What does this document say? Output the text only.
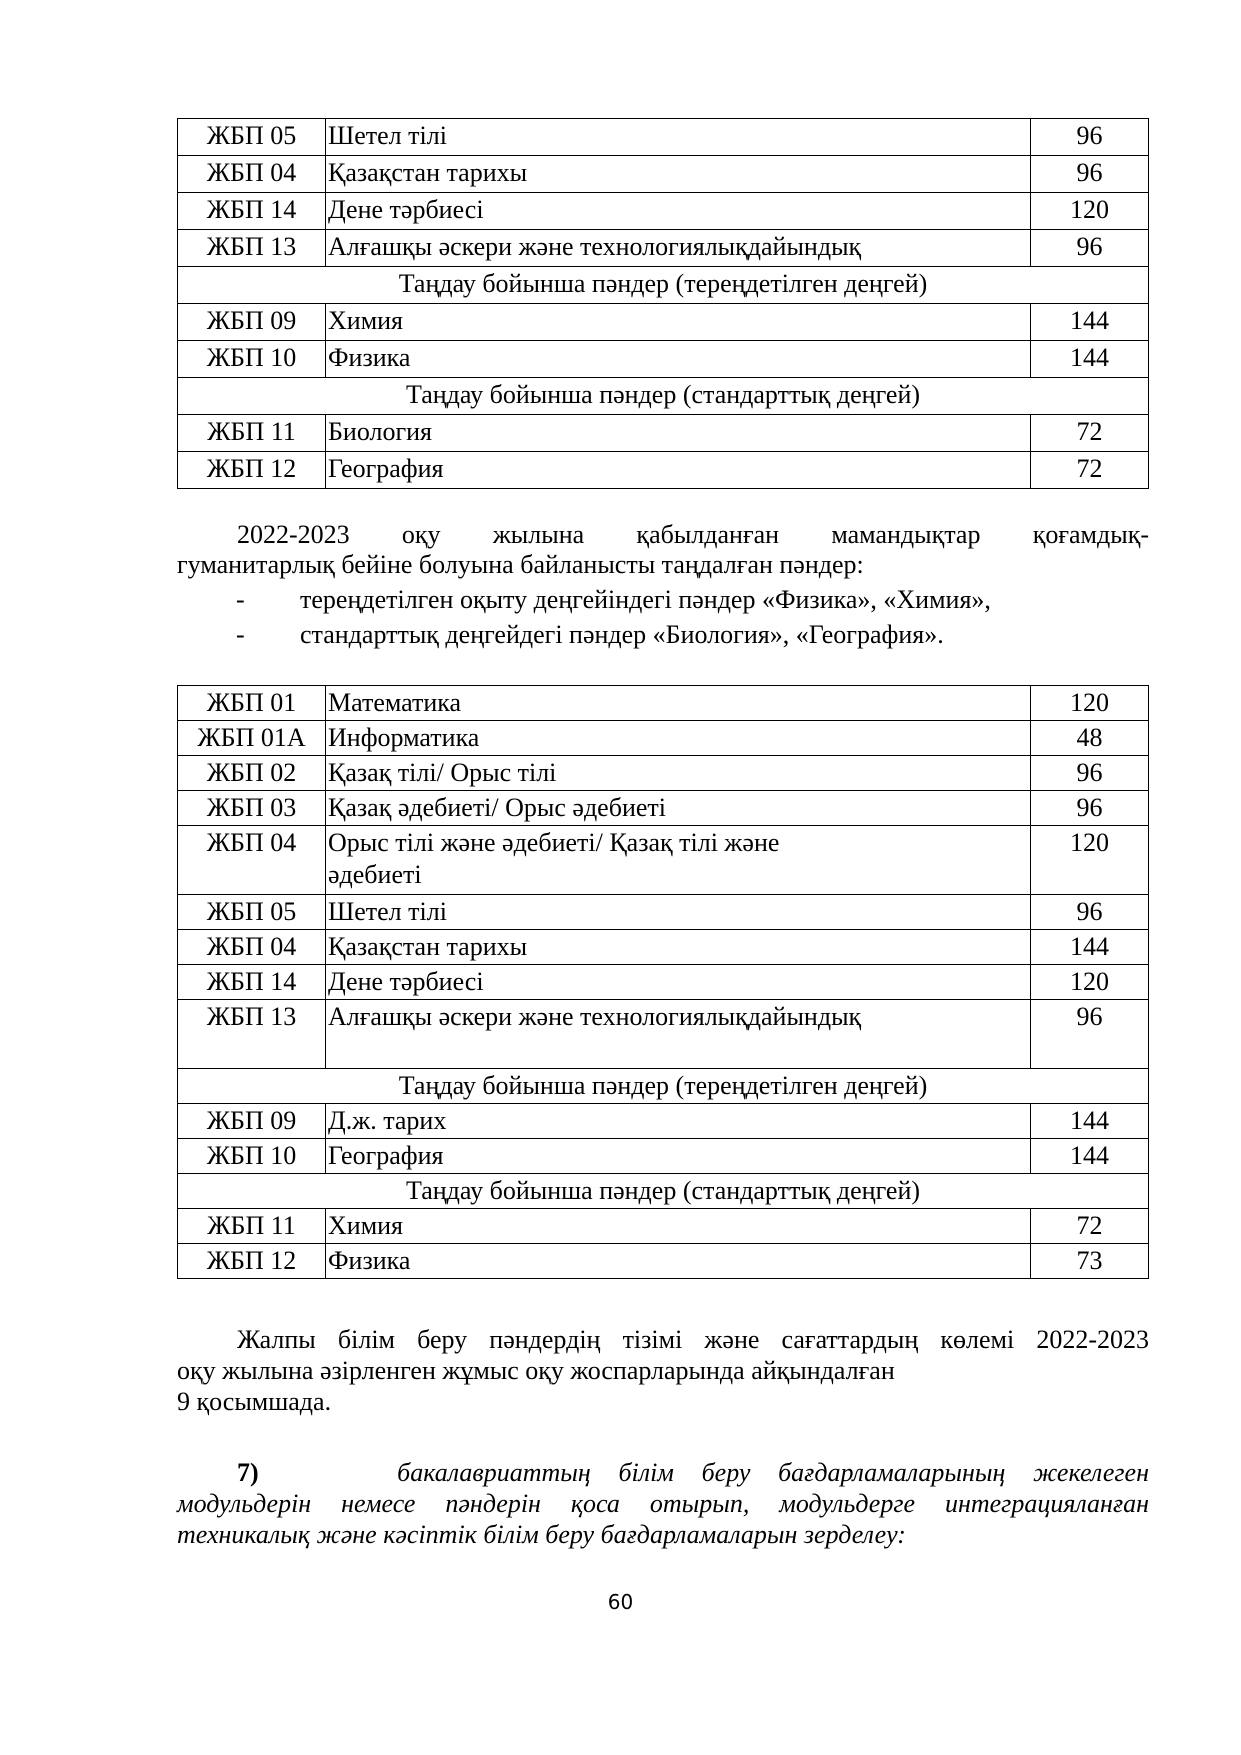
ЖБП 05	Шетел тілі	96
ЖБП 04	Қазақстан тарихы	96
ЖБП 14	Дене тәрбиесі	120
ЖБП 13	Алғашқы әскери және технологиялықдайындық	96
Таңдау бойынша пәндер (тереңдетілген деңгей)		
ЖБП 09	Химия	144
ЖБП 10	Физика	144
Таңдау бойынша пәндер (стандарттық деңгей)		
ЖБП 11	Биология	72
ЖБП 12	География	72
2022-2023 оқу жылына қабылданған мамандықтар қоғамдық-
гуманитарлық бейіне болуына байланысты таңдалған пәндер:
- тереңдетілген оқыту деңгейіндегі пәндер «Физика», «Химия»,
- стандарттық деңгейдегі пәндер «Биология», «География».
ЖБП 01	Математика	120
ЖБП 01А	Информатика	48
ЖБП 02	Қазақ тілі/ Орыс тілі	96
ЖБП 03	Қазақ әдебиеті/ Орыс әдебиеті	96
ЖБП 04	Орыс тілі және әдебиеті/ Қазақ тілі және
әдебиеті	120
ЖБП 05	Шетел тілі	96
ЖБП 04	Қазақстан тарихы	144
ЖБП 14	Дене тәрбиесі	120
ЖБП 13	Алғашқы әскери және технологиялықдайындық	96
Таңдау бойынша пәндер (тереңдетілген деңгей)		
ЖБП 09	Д.ж. тарих	144
ЖБП 10	География	144
Таңдау бойынша пәндер (стандарттық деңгей)		
ЖБП 11	Химия	72
ЖБП 12	Физика	73
Жалпы білім беру пәндердің тізімі және сағаттардың көлемі 2022-2023
оқу жылына әзірленген жұмыс оқу жоспарларында айқындалған
9 қосымшада.
7)	бакалавриаттың білім беру бағдарламаларының жекелеген
модульдерін немесе пәндерін қоса отырып, модульдерге интеграцияланған
техникалық және кәсіптік білім беру бағдарламаларын зерделеу:
60
